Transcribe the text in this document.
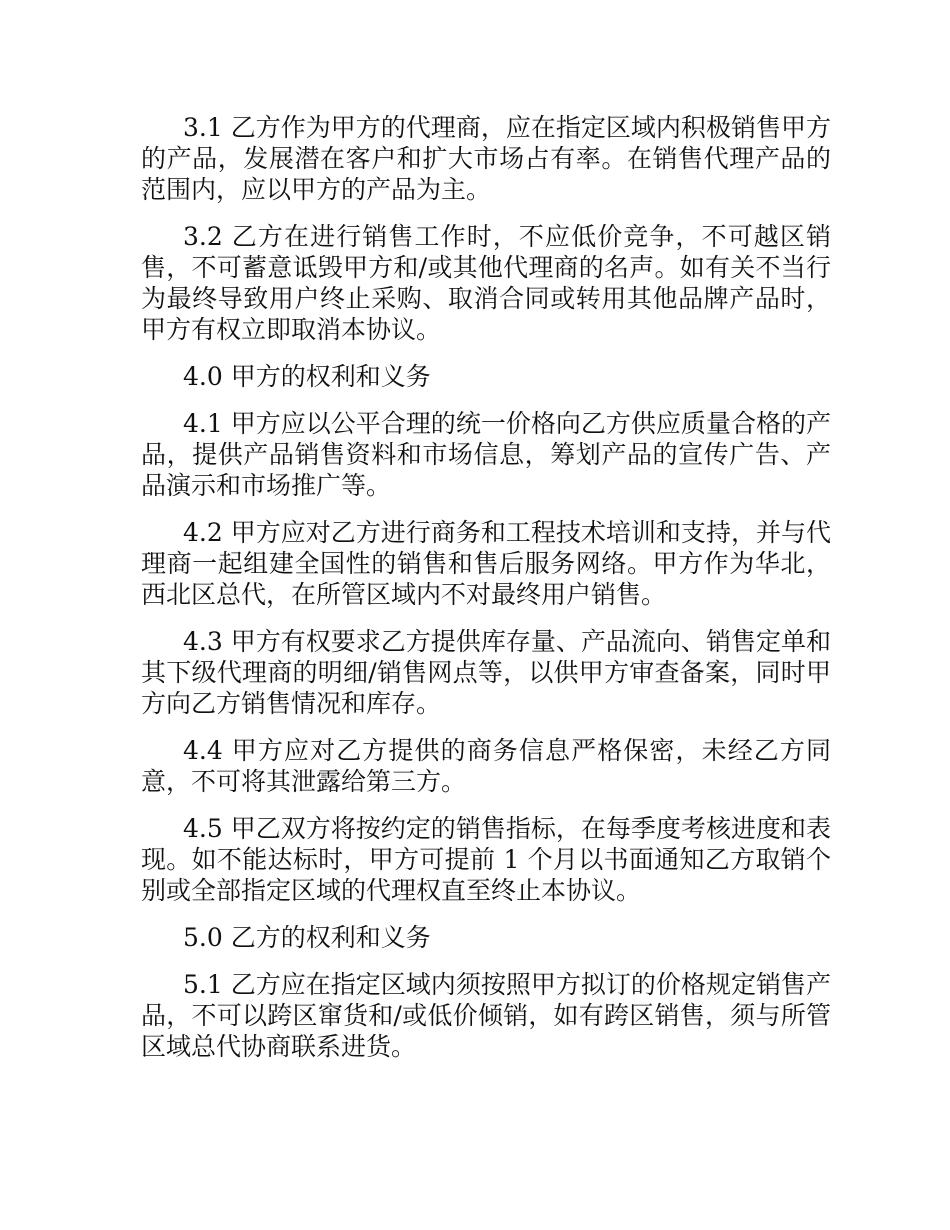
3.1 乙方作为甲方的代理商，应在指定区域内积极销售甲方的产品，发展潜在客户和扩大市场占有率。在销售代理产品的范围内，应以甲方的产品为主。

3.2 乙方在进行销售工作时，不应低价竞争，不可越区销售，不可蓄意诋毁甲方和/或其他代理商的名声。如有关不当行为最终导致用户终止采购、取消合同或转用其他品牌产品时，甲方有权立即取消本协议。

4.0 甲方的权利和义务

4.1 甲方应以公平合理的统一价格向乙方供应质量合格的产品，提供产品销售资料和市场信息，筹划产品的宣传广告、产品演示和市场推广等。

4.2 甲方应对乙方进行商务和工程技术培训和支持，并与代理商一起组建全国性的销售和售后服务网络。甲方作为华北，西北区总代，在所管区域内不对最终用户销售。

4.3 甲方有权要求乙方提供库存量、产品流向、销售定单和其下级代理商的明细/销售网点等，以供甲方审查备案，同时甲方向乙方销售情况和库存。

4.4 甲方应对乙方提供的商务信息严格保密，未经乙方同意，不可将其泄露给第三方。

4.5 甲乙双方将按约定的销售指标，在每季度考核进度和表现。如不能达标时，甲方可提前 1 个月以书面通知乙方取销个别或全部指定区域的代理权直至终止本协议。

5.0 乙方的权利和义务

5.1 乙方应在指定区域内须按照甲方拟订的价格规定销售产品，不可以跨区窜货和/或低价倾销，如有跨区销售，须与所管区域总代协商联系进货。
